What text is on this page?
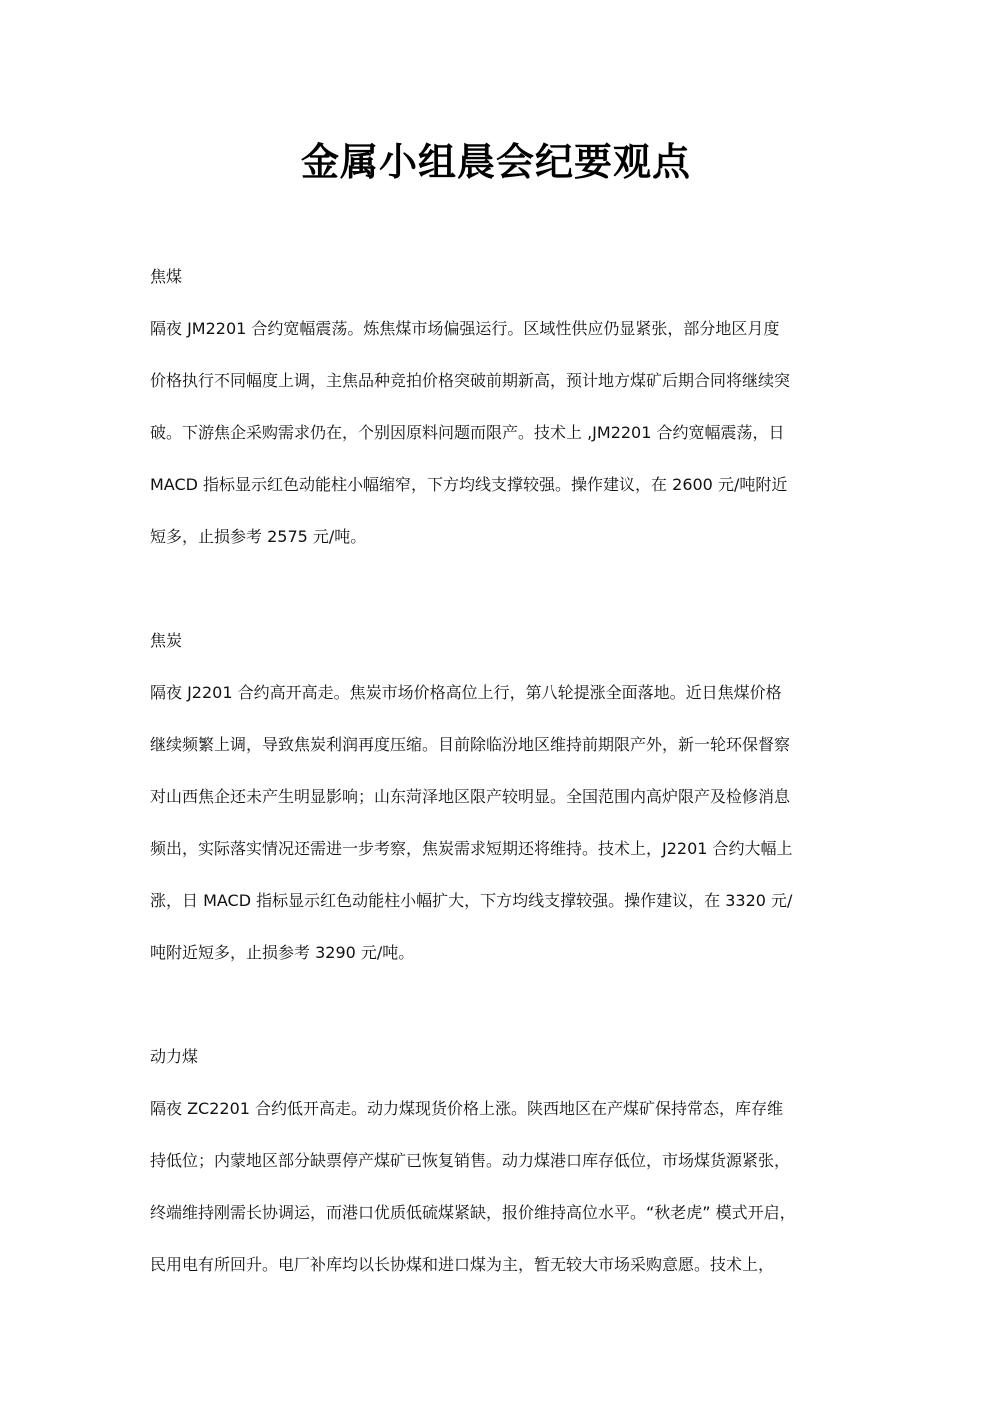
金属小组晨会纪要观点
焦煤
隔夜 JM2201 合约宽幅震荡。炼焦煤市场偏强运行。区域性供应仍显紧张，部分地区月度
价格执行不同幅度上调，主焦品种竞拍价格突破前期新高，预计地方煤矿后期合同将继续突
破。下游焦企采购需求仍在，个别因原料问题而限产。技术上 ,JM2201 合约宽幅震荡，日
MACD 指标显示红色动能柱小幅缩窄，下方均线支撑较强。操作建议，在 2600 元/吨附近
短多，止损参考 2575 元/吨。
焦炭
隔夜 J2201 合约高开高走。焦炭市场价格高位上行，第八轮提涨全面落地。近日焦煤价格
继续频繁上调，导致焦炭利润再度压缩。目前除临汾地区维持前期限产外，新一轮环保督察
对山西焦企还未产生明显影响；山东菏泽地区限产较明显。全国范围内高炉限产及检修消息
频出，实际落实情况还需进一步考察，焦炭需求短期还将维持。技术上，J2201 合约大幅上
涨，日 MACD 指标显示红色动能柱小幅扩大，下方均线支撑较强。操作建议，在 3320 元/
吨附近短多，止损参考 3290 元/吨。
动力煤
隔夜 ZC2201 合约低开高走。动力煤现货价格上涨。陕西地区在产煤矿保持常态，库存维
持低位；内蒙地区部分缺票停产煤矿已恢复销售。动力煤港口库存低位，市场煤货源紧张，
终端维持刚需长协调运，而港口优质低硫煤紧缺，报价维持高位水平。“秋老虎” 模式开启，
民用电有所回升。电厂补库均以长协煤和进口煤为主，暂无较大市场采购意愿。技术上，
